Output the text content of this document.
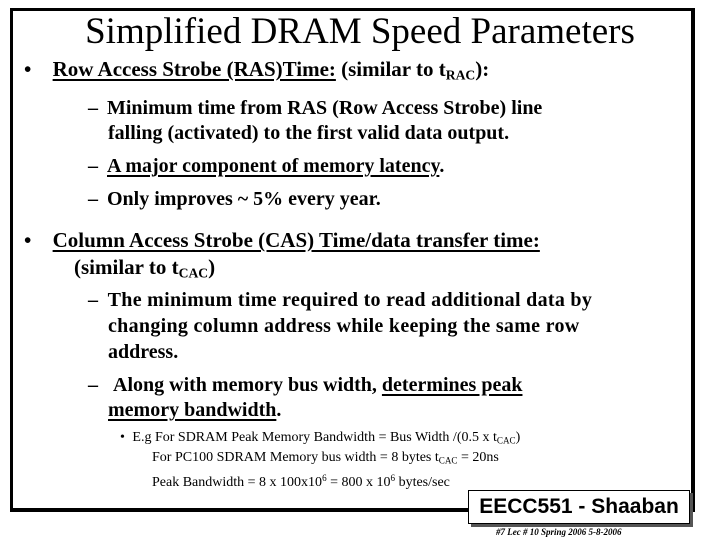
Simplified DRAM Speed Parameters
• Row Access Strobe (RAS)Time: (similar to $t_{RAC}$):
– Minimum time from RAS (Row Access Strobe) line
falling (activated) to the first valid data output.
– A major component of memory latency.
– Only improves ~ 5% every year.
• Column Access Strobe (CAS) Time/data transfer time:
(similar to $t_{CAC}$)
– The minimum time required to read additional data by
changing column address while keeping the same row
address.
– Along with memory bus width, determines peak
memory bandwidth.
• E.g For SDRAM Peak Memory Bandwidth = Bus Width /(0.5 x $t_{CAC}$)
For PC100 SDRAM Memory bus width = 8 bytes $t_{CAC} = 20ns$
Peak Bandwidth = 8 x $100x10^6 = 800$ x $10^6$ bytes/sec
EECC551 - Shaaban
#7 Lec # 10 Spring 2006 5-8-2006
